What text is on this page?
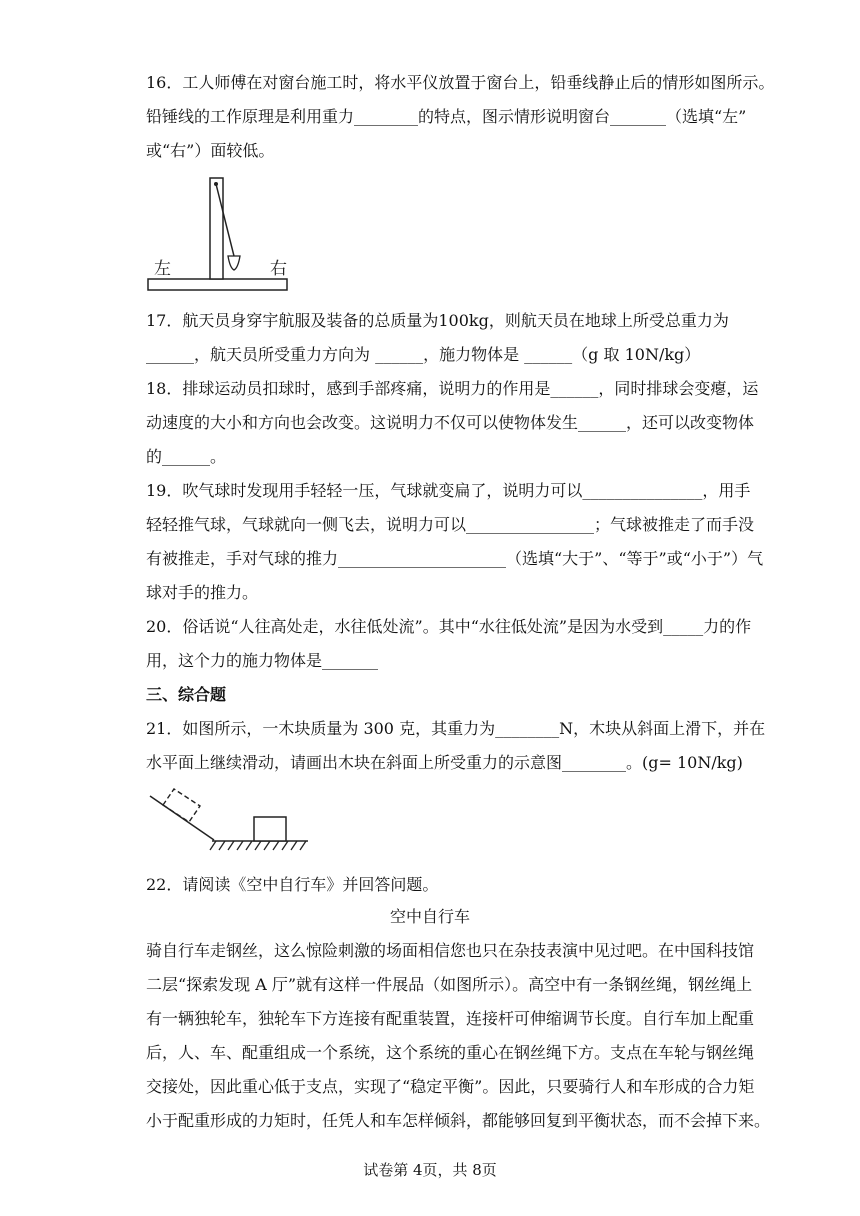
16．工人师傅在对窗台施工时，将水平仪放置于窗台上，铅垂线静止后的情形如图所示。
铅锤线的工作原理是利用重力________的特点，图示情形说明窗台_______（选填“左”
或“右”）面较低。
左	右
17．航天员身穿宇航服及装备的总质量为100kg，则航天员在地球上所受总重力为
______，航天员所受重力方向为 ______，施力物体是 ______（g 取 10N/kg）
18．排球运动员扣球时，感到手部疼痛，说明力的作用是______，同时排球会变瘪，运
动速度的大小和方向也会改变。这说明力不仅可以使物体发生______，还可以改变物体
的______。
19．吹气球时发现用手轻轻一压，气球就变扁了，说明力可以_______________，用手
轻轻推气球，气球就向一侧飞去，说明力可以________________；气球被推走了而手没
有被推走，手对气球的推力_____________________（选填“大于”、“等于”或“小于”）气
球对手的推力。
20．俗话说“人往高处走，水往低处流”。其中“水往低处流”是因为水受到_____力的作
用，这个力的施力物体是_______
三、综合题
21．如图所示，一木块质量为 300 克，其重力为________N，木块从斜面上滑下，并在
水平面上继续滑动，请画出木块在斜面上所受重力的示意图________。(g= 10N/kg)
22．请阅读《空中自行车》并回答问题。
空中自行车
骑自行车走钢丝，这么惊险刺激的场面相信您也只在杂技表演中见过吧。在中国科技馆
二层“探索发现 A 厅”就有这样一件展品（如图所示）。高空中有一条钢丝绳，钢丝绳上
有一辆独轮车，独轮车下方连接有配重装置，连接杆可伸缩调节长度。自行车加上配重
后，人、车、配重组成一个系统，这个系统的重心在钢丝绳下方。支点在车轮与钢丝绳
交接处，因此重心低于支点，实现了“稳定平衡”。因此，只要骑行人和车形成的合力矩
小于配重形成的力矩时，任凭人和车怎样倾斜，都能够回复到平衡状态，而不会掉下来。
试卷第 4页，共 8页
